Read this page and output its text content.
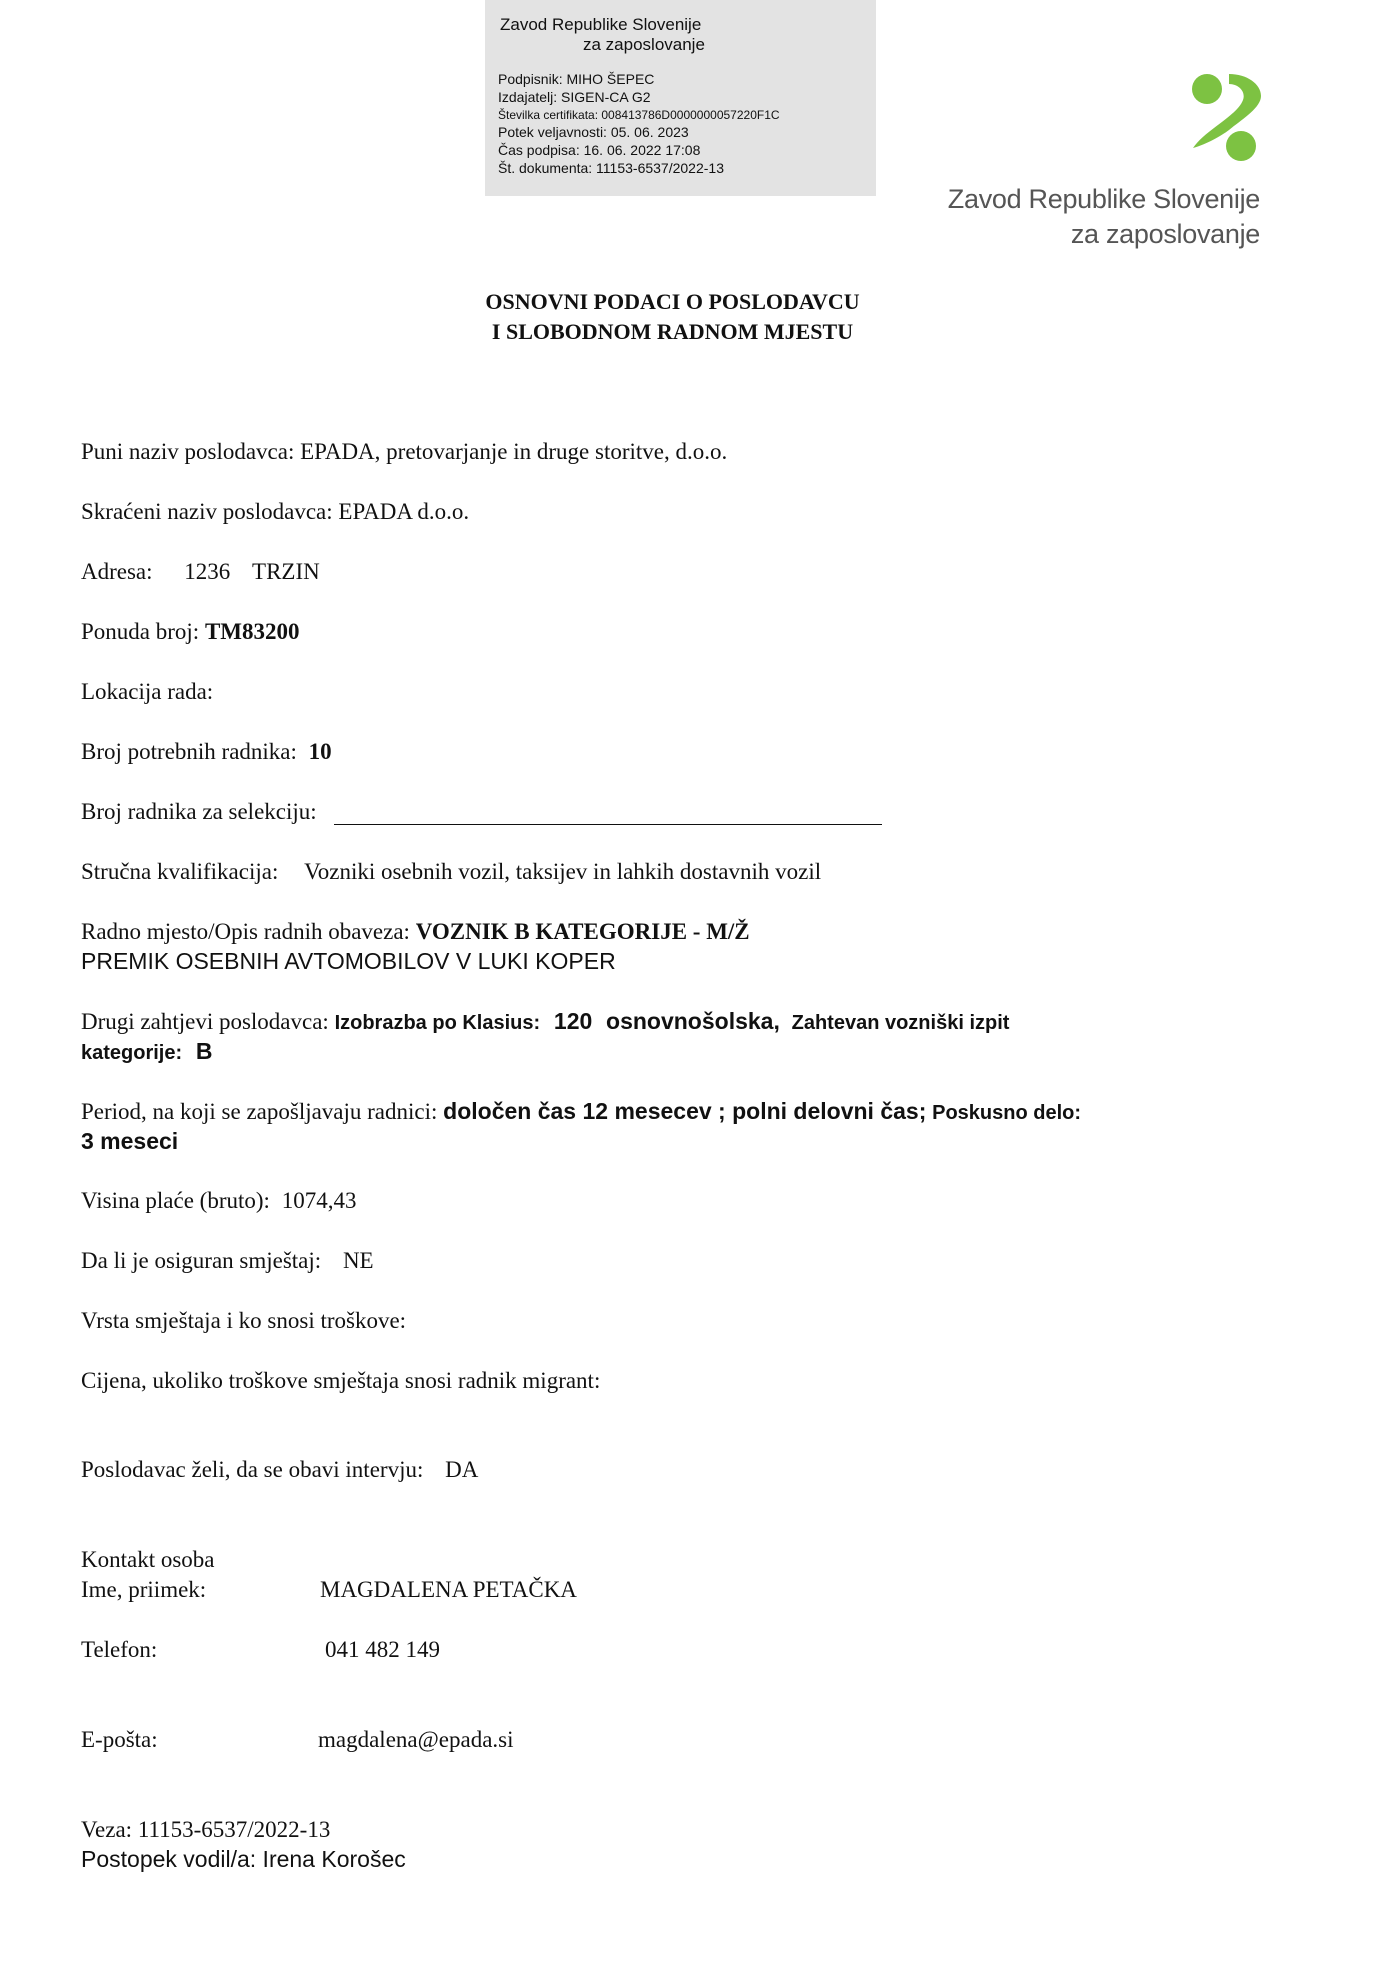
Zavod Republike Slovenije
za zaposlovanje
Podpisnik: MIHO ŠEPEC
Izdajatelj: SIGEN-CA G2
Številka certifikata: 008413786D0000000057220F1C
Potek veljavnosti: 05. 06. 2023
Čas podpisa: 16. 06. 2022 17:08
Št. dokumenta: 11153-6537/2022-13
Zavod Republike Slovenije
za zaposlovanje
OSNOVNI PODACI O POSLODAVCU
I SLOBODNOM RADNOM MJESTU
Puni naziv poslodavca: EPADA, pretovarjanje in druge storitve, d.o.o.
Skraćeni naziv poslodavca: EPADA d.o.o.
Adresa: 1236 TRZIN
Ponuda broj: TM83200
Lokacija rada:
Broj potrebnih radnika: 10
Broj radnika za selekciju:
Stručna kvalifikacija: Vozniki osebnih vozil, taksijev in lahkih dostavnih vozil
Radno mjesto/Opis radnih obaveza: VOZNIK B KATEGORIJE - M/Ž
PREMIK OSEBNIH AVTOMOBILOV V LUKI KOPER
Drugi zahtjevi poslodavca: Izobrazba po Klasius: 120 osnovnošolska, Zahtevan vozniški izpit
kategorije: B
Period, na koji se zapošljavaju radnici: določen čas 12 mesecev ; polni delovni čas; Poskusno delo:
3 meseci
Visina plaće (bruto): 1074,43
Da li je osiguran smještaj: NE
Vrsta smještaja i ko snosi troškove:
Cijena, ukoliko troškove smještaja snosi radnik migrant:
Poslodavac želi, da se obavi intervju: DA
Kontakt osoba
Ime, priimek:	MAGDALENA PETAČKA
Telefon:	041 482 149
E-pošta:	magdalena@epada.si
Veza: 11153-6537/2022-13
Postopek vodil/a: Irena Korošec
